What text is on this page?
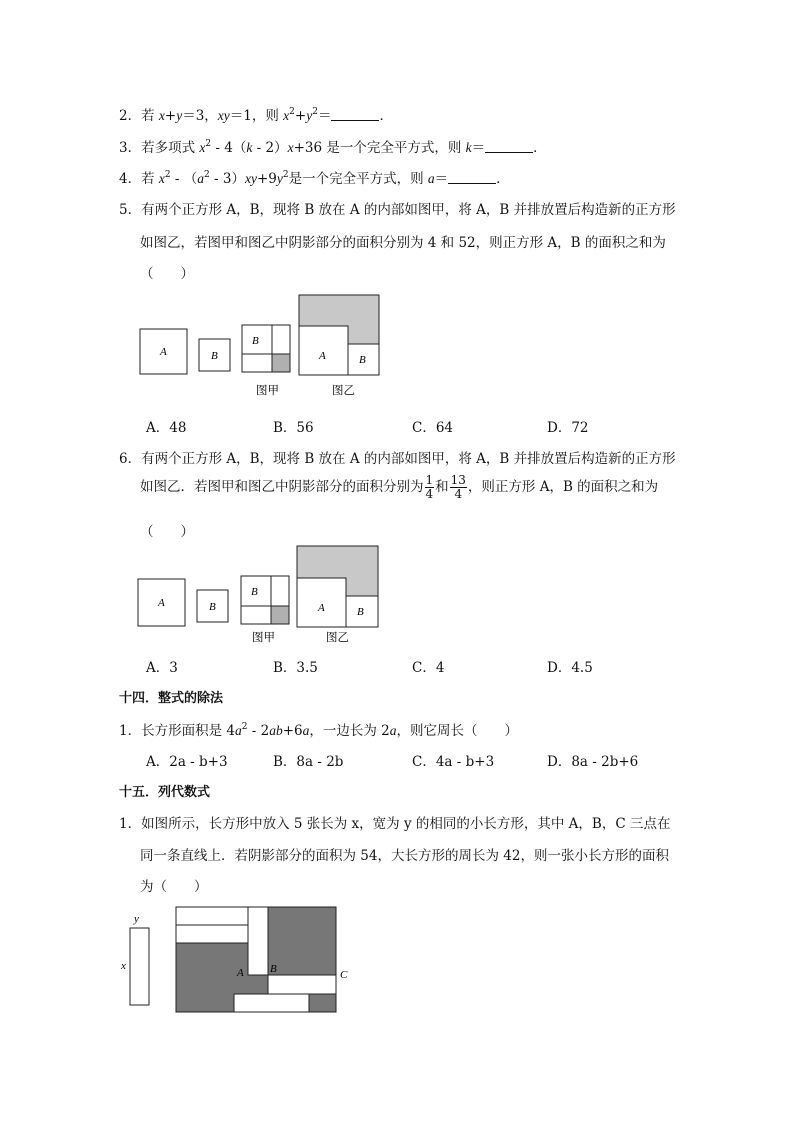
2．若 x+y＝3，xy＝1，则 $x^2+y^2=$	．
3．若多项式 $x^2 - 4(k - 2)x+36$ 是一个完全平方式，则 k＝	．
4．若 $x^2 - (a^2 - 3)xy+9y^2$是一个完全平方式，则 a＝	．
5．有两个正方形 A，B，现将 B 放在 A 的内部如图甲，将 A，B 并排放置后构造新的正方形
如图乙，若图甲和图乙中阴影部分的面积分别为 4 和 52，则正方形 A，B 的面积之和为
（　　）
A	B
B
图甲
A	B
图乙
A．48	B．56	C．64	D．72
6．有两个正方形 A，B，现将 B 放在 A 的内部如图甲，将 A，B 并排放置后构造新的正方形
如图乙．若图甲和图乙中阴影部分的面积分别为 $\frac{1}{4}$ 和 $\frac{13}{4}$ ，则正方形 A，B 的面积之和为
（　　）
A	B
B
图甲
A	B
图乙
A．3	B．3.5	C．4	D．4.5
十四．整式的除法
1．长方形面积是 $4a^2 - 2ab+6a$，一边长为 2a，则它周长（　　）
A．2a - b+3	B．8a - 2b	C．4a - b+3	D．8a - 2b+6
十五．列代数式
1．如图所示，长方形中放入 5 张长为 x，宽为 y 的相同的小长方形，其中 A，B，C 三点在
同一条直线上．若阴影部分的面积为 54，大长方形的周长为 42，则一张小长方形的面积
为（　　）
y
x
A B	C
